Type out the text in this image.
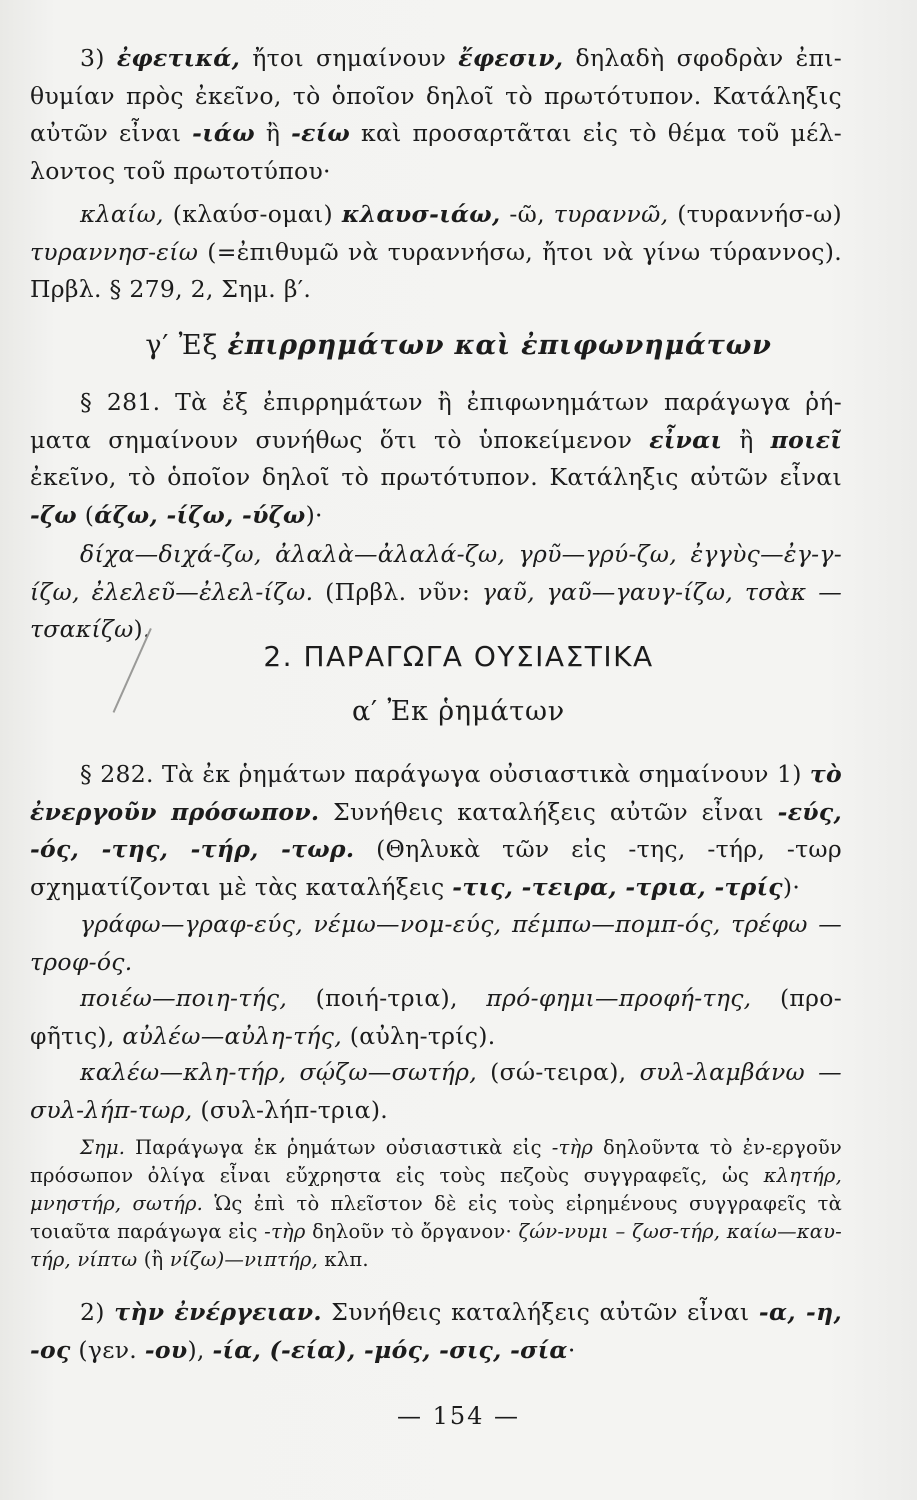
3) ἐφετικά, ἤτοι σημαίνουν ἔφεσιν, δηλαδὴ σφοδρὰν ἐπι-θυμίαν πρὸς ἐκεῖνο, τὸ ὁποῖον δηλοῖ τὸ πρωτότυπον. Κατάληξις αὐτῶν εἶναι -ιάω ἢ -είω καὶ προσαρτᾶται εἰς τὸ θέμα τοῦ μέλ-λοντος τοῦ πρωτοτύπου·

κλαίω, (κλαύσ-ομαι) κλαυσ-ιάω, -ῶ, τυραννῶ, (τυραννήσ-ω) τυραννησ-είω (=ἐπιθυμῶ νὰ τυραννήσω, ἤτοι νὰ γίνω τύραννος). Πρβλ. § 279, 2, Σημ. β′.

γ′ Ἐξ ἐπιρρημάτων καὶ ἐπιφωνημάτων

§ 281. Τὰ ἐξ ἐπιρρημάτων ἢ ἐπιφωνημάτων παράγωγα ῥή-ματα σημαίνουν συνήθως ὅτι τὸ ὑποκείμενον εἶναι ἢ ποιεῖ ἐκεῖνο, τὸ ὁποῖον δηλοῖ τὸ πρωτότυπον. Κατάληξις αὐτῶν εἶναι -ζω (άζω, -ίζω, -ύζω)·

δίχα—διχά-ζω, ἀλαλὰ—ἀλαλά-ζω, γρῦ—γρύ-ζω, ἐγγὺς—ἐγ-γ-ίζω, ἐλελεῦ—ἐλελ-ίζω. (Πρβλ. νῦν: γαῦ, γαῦ—γαυγ-ίζω, τσὰκ —τσακίζω).

2. ΠΑΡΑΓΩΓΑ ΟΥΣΙΑΣΤΙΚΑ
α′ Ἐκ ῥημάτων

§ 282. Τὰ ἐκ ῥημάτων παράγωγα οὐσιαστικὰ σημαίνουν 1) τὸ ἐνεργοῦν πρόσωπον. Συνήθεις καταλήξεις αὐτῶν εἶναι -εύς, -ός, -της, -τήρ, -τωρ. (Θηλυκὰ τῶν εἰς -της, -τήρ, -τωρ σχηματίζονται μὲ τὰς καταλήξεις -τις, -τειρα, -τρια, -τρίς)·

γράφω—γραφ-εύς, νέμω—νομ-εύς, πέμπω—πομπ-ός, τρέφω —τροφ-ός.

ποιέω—ποιη-τής, (ποιή-τρια), πρό-φημι—προφή-της, (προ-φῆτις), αὐλέω—αὐλη-τής, (αὐλη-τρίς).

καλέω—κλη-τήρ, σῴζω—σωτήρ, (σώ-τειρα), συλ-λαμβάνω —συλ-λήπ-τωρ, (συλ-λήπ-τρια).

Σημ. Παράγωγα ἐκ ῥημάτων οὐσιαστικὰ εἰς -τὴρ δηλοῦντα τὸ ἐν-εργοῦν πρόσωπον ὀλίγα εἶναι εὔχρηστα εἰς τοὺς πεζοὺς συγγραφεῖς, ὡς κλητήρ, μνηστήρ, σωτήρ. Ὡς ἐπὶ τὸ πλεῖστον δὲ εἰς τοὺς εἰρημένους συγγραφεῖς τὰ τοιαῦτα παράγωγα εἰς -τὴρ δηλοῦν τὸ ὄργανον· ζών-νυμι – ζωσ-τήρ, καίω—καυ-τήρ, νίπτω (ἢ νίζω)—νιπτήρ, κλπ.

2) τὴν ἐνέργειαν. Συνήθεις καταλήξεις αὐτῶν εἶναι -α, -η, -ος (γεν. -ου), -ία, (-εία), -μός, -σις, -σία·

— 154 —
